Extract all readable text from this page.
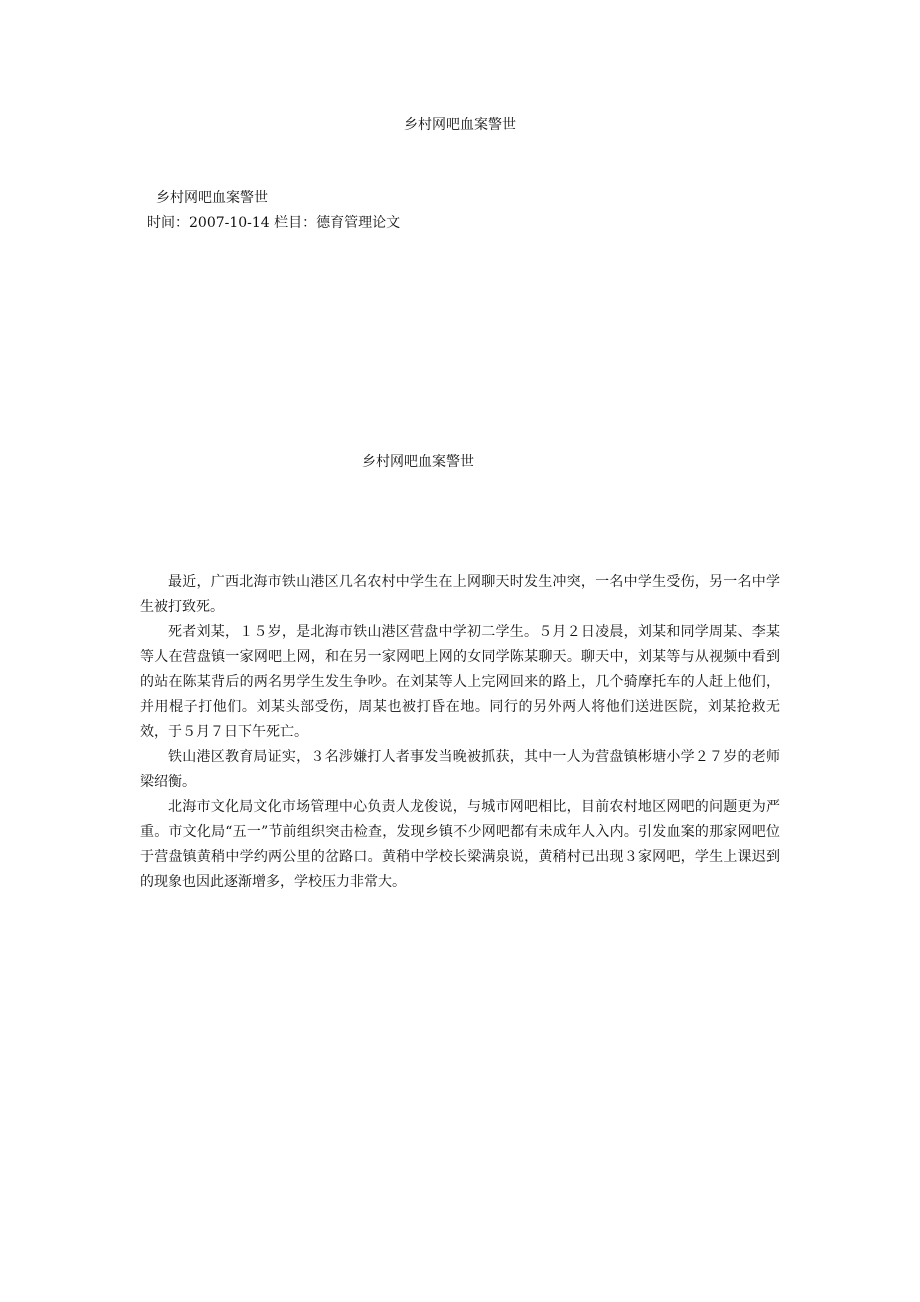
乡村网吧血案警世
乡村网吧血案警世
时间：2007-10-14 栏目：德育管理论文
乡村网吧血案警世

最近，广西北海市铁山港区几名农村中学生在上网聊天时发生冲突，一名中学生受伤，另一名中学生被打致死。

死者刘某，１５岁，是北海市铁山港区营盘中学初二学生。５月２日凌晨，刘某和同学周某、李某等人在营盘镇一家网吧上网，和在另一家网吧上网的女同学陈某聊天。聊天中，刘某等与从视频中看到的站在陈某背后的两名男学生发生争吵。在刘某等人上完网回来的路上，几个骑摩托车的人赶上他们，并用棍子打他们。刘某头部受伤，周某也被打昏在地。同行的另外两人将他们送进医院，刘某抢救无效，于５月７日下午死亡。

铁山港区教育局证实，３名涉嫌打人者事发当晚被抓获，其中一人为营盘镇彬塘小学２７岁的老师梁绍衡。

北海市文化局文化市场管理中心负责人龙俊说，与城市网吧相比，目前农村地区网吧的问题更为严重。市文化局“五一”节前组织突击检查，发现乡镇不少网吧都有未成年人入内。引发血案的那家网吧位于营盘镇黄稍中学约两公里的岔路口。黄稍中学校长梁满泉说，黄稍村已出现３家网吧，学生上课迟到的现象也因此逐渐增多，学校压力非常大。
